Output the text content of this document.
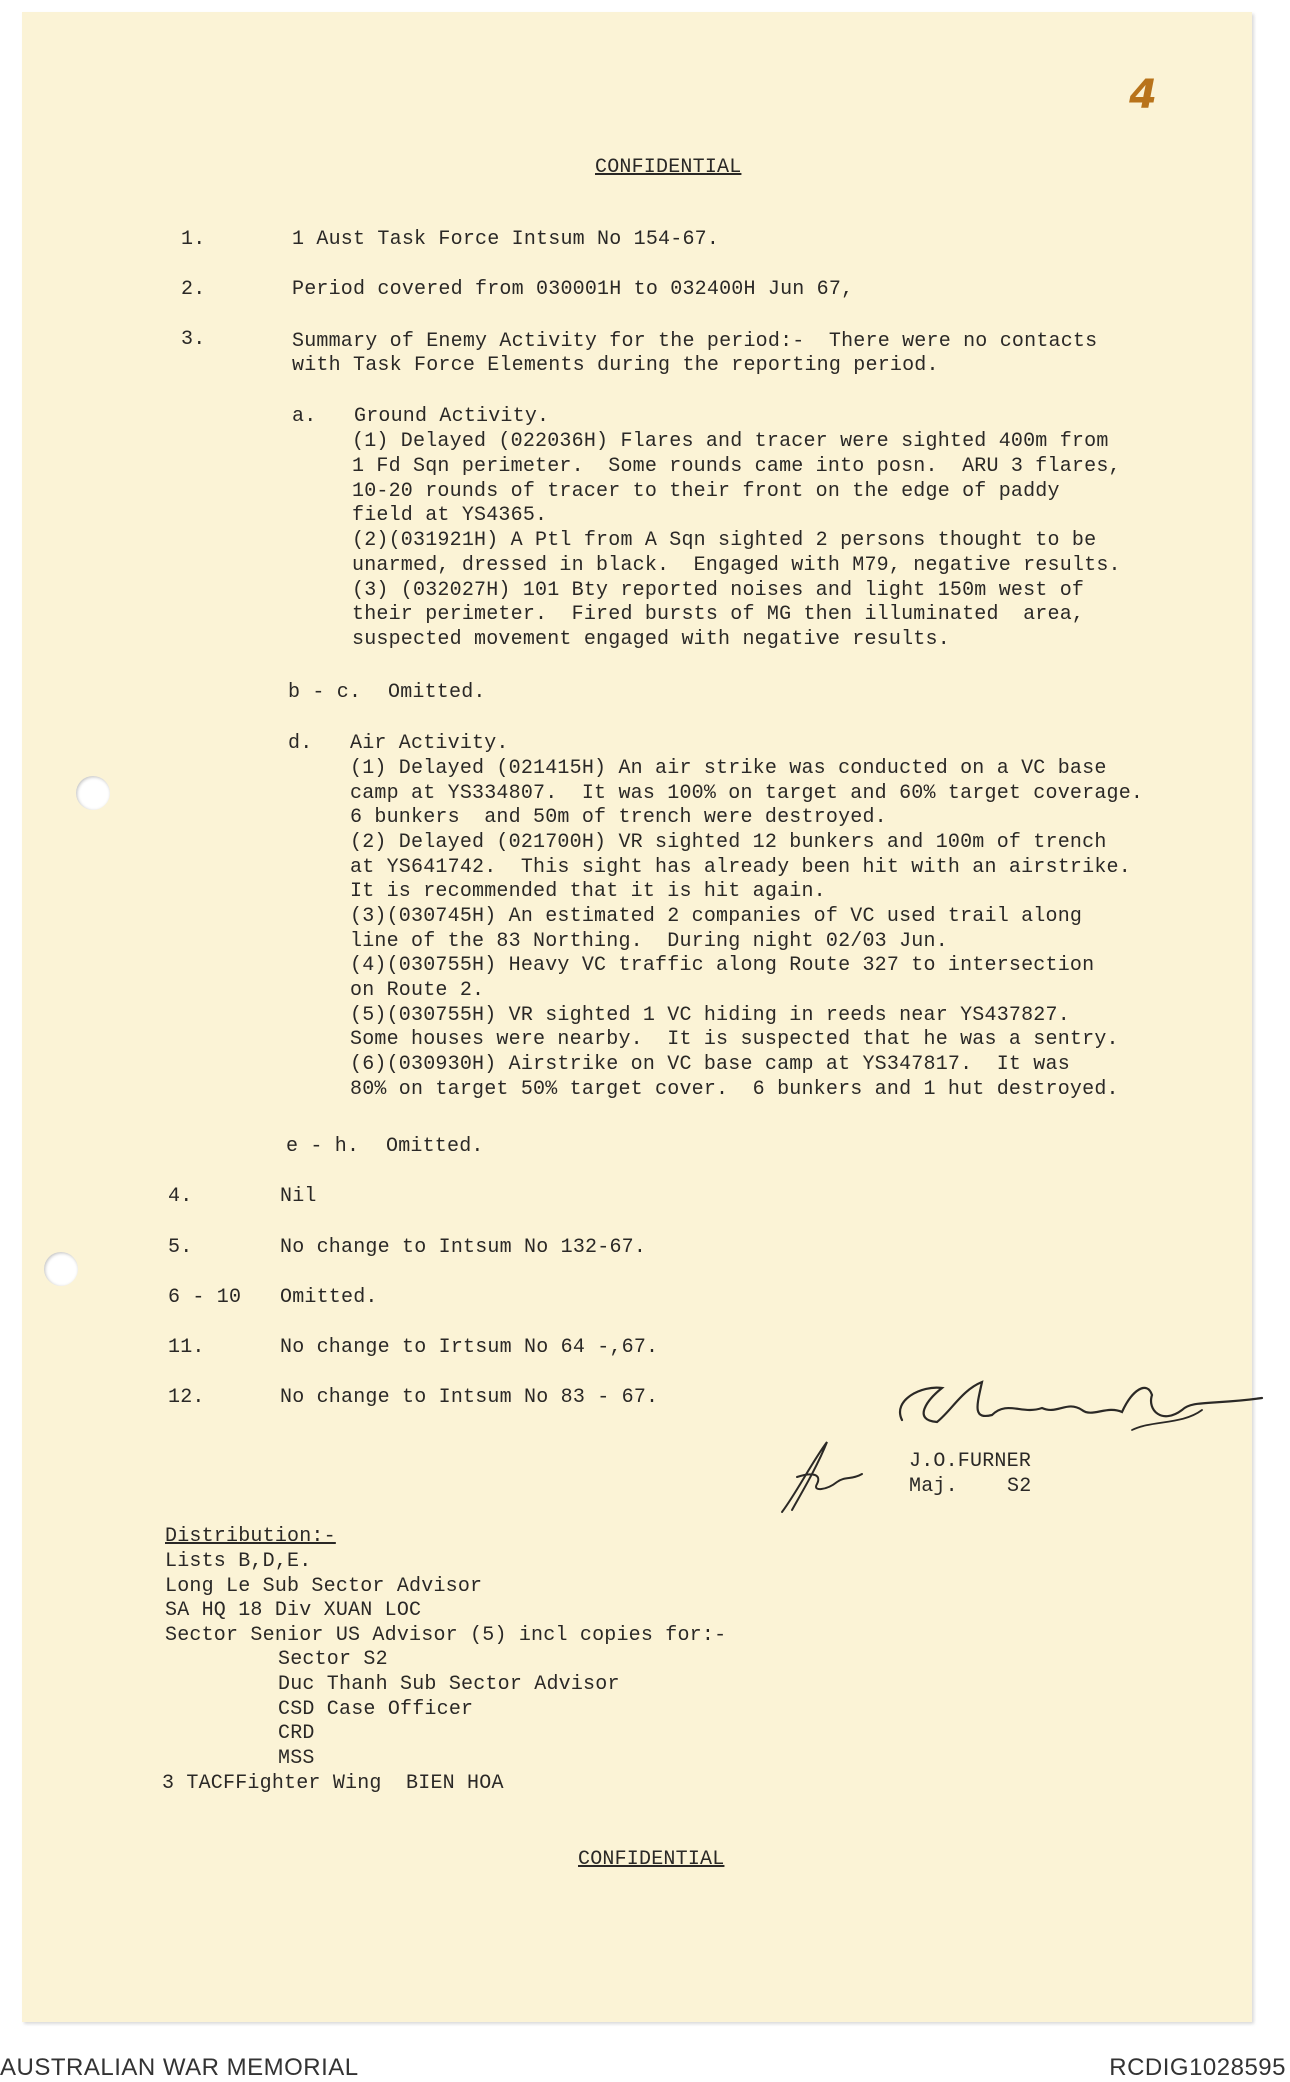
4
CONFIDENTIAL
1.	1 Aust Task Force Intsum No 154-67.
2.	Period covered from 030001H to 032400H Jun 67,
3.	Summary of Enemy Activity for the period:-  There were no contacts
with Task Force Elements during the reporting period.
a. Ground Activity.
(1) Delayed (022036H) Flares and tracer were sighted 400m from
1 Fd Sqn perimeter.  Some rounds came into posn.  ARU 3 flares,
10-20 rounds of tracer to their front on the edge of paddy
field at YS4365.
(2)(031921H) A Ptl from A Sqn sighted 2 persons thought to be
unarmed, dressed in black.  Engaged with M79, negative results.
(3) (032027H) 101 Bty reported noises and light 150m west of
their perimeter.  Fired bursts of MG then illuminated  area,
suspected movement engaged with negative results.
b - c. Omitted.
d. Air Activity.
(1) Delayed (021415H) An air strike was conducted on a VC base
camp at YS334807.  It was 100% on target and 60% target coverage.
6 bunkers  and 50m of trench were destroyed.
(2) Delayed (021700H) VR sighted 12 bunkers and 100m of trench
at YS641742.  This sight has already been hit with an airstrike.
It is recommended that it is hit again.
(3)(030745H) An estimated 2 companies of VC used trail along
line of the 83 Northing.  During night 02/03 Jun.
(4)(030755H) Heavy VC traffic along Route 327 to intersection
on Route 2.
(5)(030755H) VR sighted 1 VC hiding in reeds near YS437827.
Some houses were nearby.  It is suspected that he was a sentry.
(6)(030930H) Airstrike on VC base camp at YS347817.  It was
80% on target 50% target cover.  6 bunkers and 1 hut destroyed.
e - h. Omitted.
4.	Nil
5.	No change to Intsum No 132-67.
6 - 10 Omitted.
11.	No change to Irtsum No 64 -,67.
12.	No change to Intsum No 83 - 67.
J.O.FURNER
Maj. S2
Distribution:-
Lists B,D,E.
Long Le Sub Sector Advisor
SA HQ 18 Div XUAN LOC
Sector Senior US Advisor (5) incl copies for:-
Sector S2
Duc Thanh Sub Sector Advisor
CSD Case Officer
CRD
MSS
3 TACFFighter Wing  BIEN HOA
CONFIDENTIAL
AUSTRALIAN WAR MEMORIAL	RCDIG1028595
